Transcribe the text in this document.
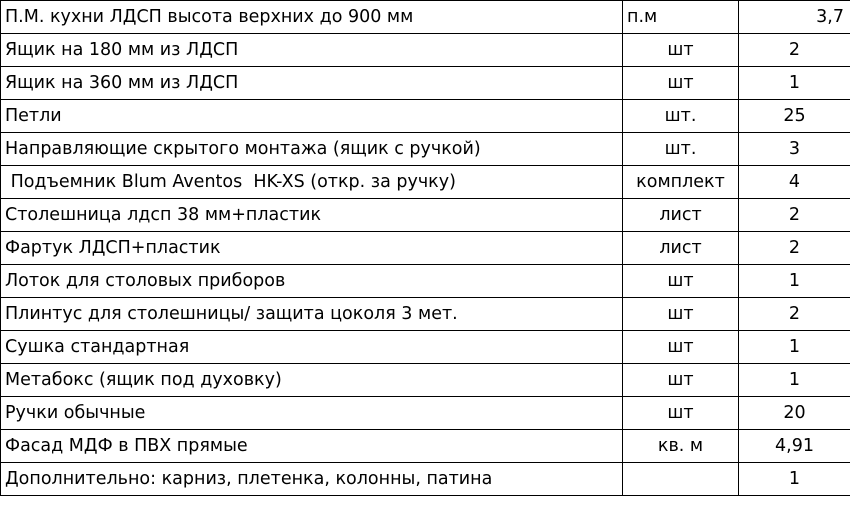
П.М. кухни ЛДСП высота верхних до 900 мм	п.м	3,7
Ящик на 180 мм из ЛДСП	шт	2
Ящик на 360 мм из ЛДСП	шт	1
Петли	шт.	25
Направляющие скрытого монтажа (ящик с ручкой)	шт.	3
Подъемник Blum Aventos  HK-XS (откр. за ручку)	комплект	4
Столешница лдсп 38 мм+пластик	лист	2
Фартук ЛДСП+пластик	лист	2
Лоток для столовых приборов	шт	1
Плинтус для столешницы/ защита цоколя 3 мет.	шт	2
Сушка стандартная	шт	1
Метабокс (ящик под духовку)	шт	1
Ручки обычные	шт	20
Фасад МДФ в ПВХ прямые	кв. м	4,91
Дополнительно: карниз, плетенка, колонны, патина		1
